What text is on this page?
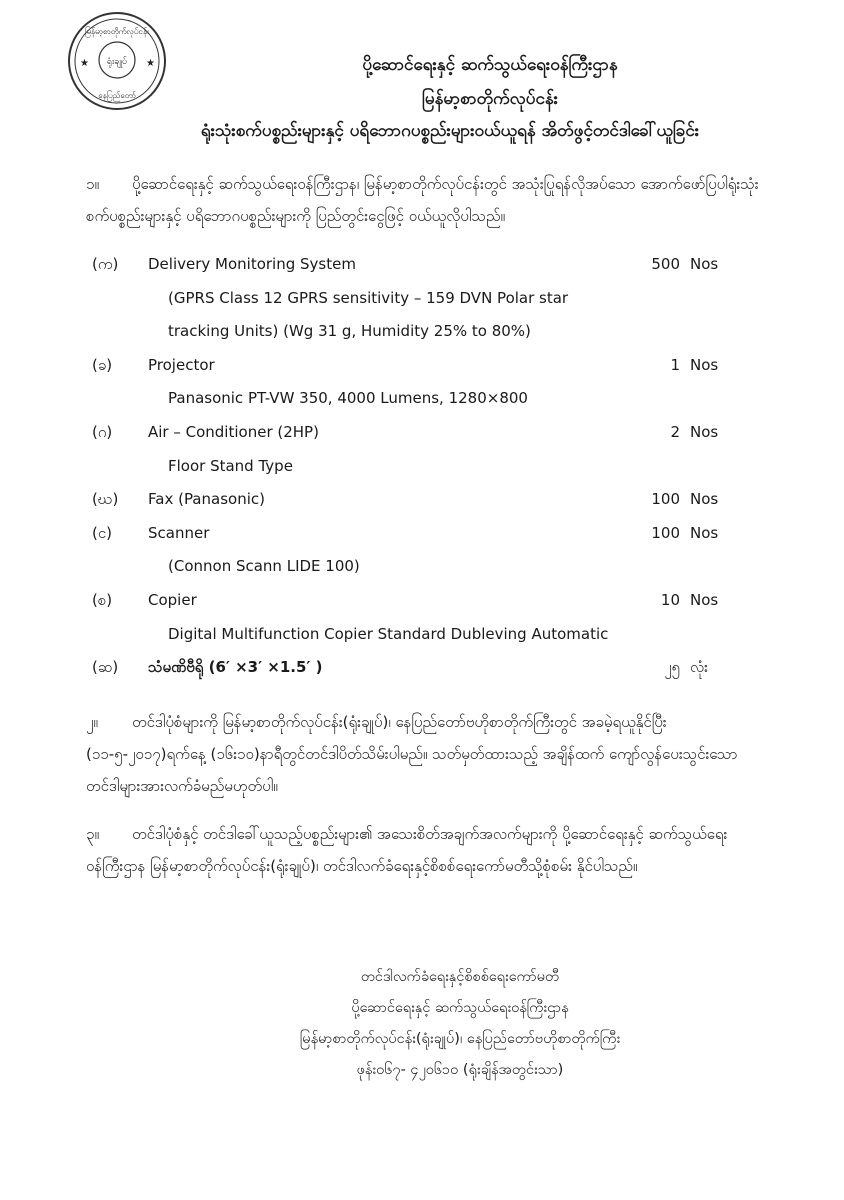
ရုံးချုပ်
မြန်မာ့စာတိုက်လုပ်ငန်း
နေပြည်တော်
★	★	ပို့ဆောင်ရေးနှင့် ဆက်သွယ်ရေးဝန်ကြီးဌာန
မြန်မာ့စာတိုက်လုပ်ငန်း
ရုံးသုံးစက်ပစ္စည်းများနှင့် ပရိဘောဂပစ္စည်းများဝယ်ယူရန် အိတ်ဖွင့်တင်ဒါခေါ်ယူခြင်း
၁။ ပို့ဆောင်ရေးနှင့် ဆက်သွယ်ရေးဝန်ကြီးဌာန၊ မြန်မာ့စာတိုက်လုပ်ငန်းတွင် အသုံးပြုရန်လိုအပ်သော အောက်ဖော်ပြပါရုံးသုံးစက်ပစ္စည်းများနှင့် ပရိဘောဂပစ္စည်းများကို ပြည်တွင်းငွေဖြင့် ဝယ်ယူလိုပါသည်။
(က)	Delivery Monitoring System	500 Nos
(GPRS Class 12 GPRS sensitivity – 159 DVN Polar star
tracking Units) (Wg 31 g, Humidity 25% to 80%)
(ခ)	Projector	1 Nos
Panasonic PT-VW 350, 4000 Lumens, 1280×800
(ဂ)	Air – Conditioner (2HP)	2 Nos
Floor Stand Type
(ဃ)	Fax (Panasonic)	100 Nos
(င)	Scanner	100 Nos
(Connon Scann LIDE 100)
(စ)	Copier	10 Nos
Digital Multifunction Copier Standard Dubleving Automatic
(ဆ)	သံမဏိဗီရို (6′ ×3′ ×1.5′ )	၂၅ လုံး
၂။ တင်ဒါပုံစံများကို မြန်မာ့စာတိုက်လုပ်ငန်း(ရုံးချုပ်)၊ နေပြည်တော်ဗဟိုစာတိုက်ကြီးတွင် အခမဲ့ရယူနိုင်ပြီး (၁၁-၅-၂၀၁၇)ရက်နေ့ (၁၆း၁၀)နာရီတွင်တင်ဒါပိတ်သိမ်းပါမည်။ သတ်မှတ်ထားသည့် အချိန်ထက် ကျော်လွန်ပေးသွင်းသော တင်ဒါများအားလက်ခံမည်မဟုတ်ပါ။
၃။ တင်ဒါပုံစံနှင့် တင်ဒါခေါ်ယူသည့်ပစ္စည်းများ၏ အသေးစိတ်အချက်အလက်များကို ပို့ဆောင်ရေးနှင့် ဆက်သွယ်ရေးဝန်ကြီးဌာန မြန်မာ့စာတိုက်လုပ်ငန်း(ရုံးချုပ်)၊ တင်ဒါလက်ခံရေးနှင့်စိစစ်ရေးကော်မတီသို့စုံစမ်း နိုင်ပါသည်။
တင်ဒါလက်ခံရေးနှင့်စိစစ်ရေးကော်မတီ
ပို့ဆောင်ရေးနှင့် ဆက်သွယ်ရေးဝန်ကြီးဌာန
မြန်မာ့စာတိုက်လုပ်ငန်း(ရုံးချုပ်)၊ နေပြည်တော်ဗဟိုစာတိုက်ကြီး
ဖုန်း၀၆၇- ၄၂၀၆၁၀ (ရုံးချိန်အတွင်းသာ)
